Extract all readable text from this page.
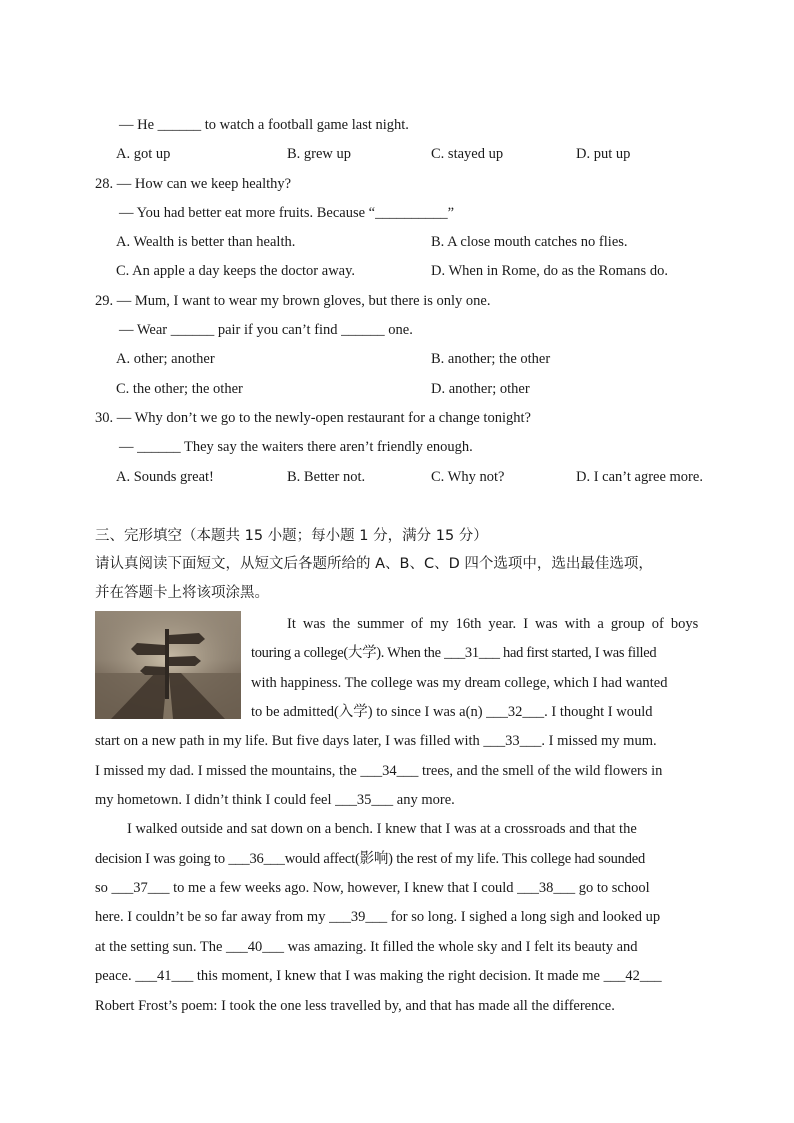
— He ______ to watch a football game last night.
A. got up	B. grew up	C. stayed up	D. put up
28. — How can we keep healthy?
— You had better eat more fruits. Because “__________”
A. Wealth is better than health.	B. A close mouth catches no flies.
C. An apple a day keeps the doctor away.	D. When in Rome, do as the Romans do.
29. — Mum, I want to wear my brown gloves, but there is only one.
— Wear ______ pair if you can’t find ______ one.
A. other; another	B. another; the other
C. the other; the other	D. another; other
30. — Why don’t we go to the newly-open restaurant for a change tonight?
— ______ They say the waiters there aren’t friendly enough.
A. Sounds great!	B. Better not.	C. Why not?	D. I can’t agree more.
三、完形填空（本题共 15 小题；每小题 1 分，满分 15 分）
请认真阅读下面短文，从短文后各题所给的 A、B、C、D 四个选项中，选出最佳选项，
并在答题卡上将该项涂黑。
It was the summer of my 16th year. I was with a group of boys
touring a college(大学). When the ___31___ had first started, I was filled
with happiness. The college was my dream college, which I had wanted
to be admitted(入学) to since I was a(n) ___32___. I thought I would
start on a new path in my life. But five days later, I was filled with ___33___. I missed my mum.
I missed my dad. I missed the mountains, the ___34___ trees, and the smell of the wild flowers in
my hometown. I didn’t think I could feel ___35___ any more.
I walked outside and sat down on a bench. I knew that I was at a crossroads and that the
decision I was going to ___36___would affect(影响) the rest of my life. This college had sounded
so ___37___ to me a few weeks ago. Now, however, I knew that I could ___38___ go to school
here. I couldn’t be so far away from my ___39___ for so long. I sighed a long sigh and looked up
at the setting sun. The ___40___ was amazing. It filled the whole sky and I felt its beauty and
peace. ___41___ this moment, I knew that I was making the right decision. It made me ___42___
Robert Frost’s poem: I took the one less travelled by, and that has made all the difference.
